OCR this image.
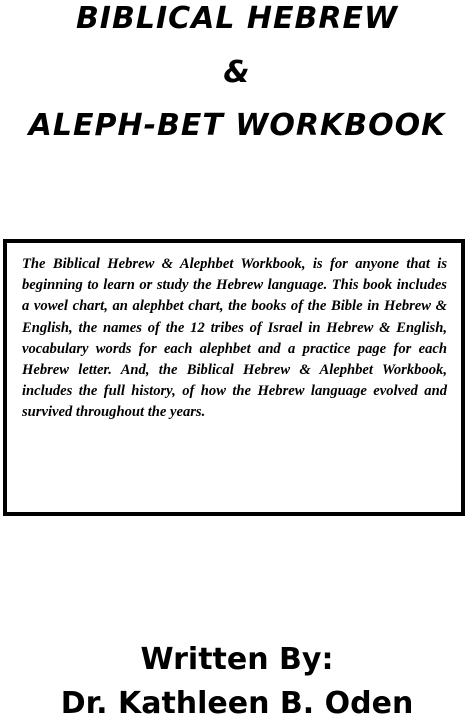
BIBLICAL HEBREW
&
ALEPH-BET WORKBOOK

The Biblical Hebrew & Alephbet Workbook, is for anyone that is beginning to learn or study the Hebrew language. This book includes a vowel chart, an alephbet chart, the books of the Bible in Hebrew & English, the names of the 12 tribes of Israel in Hebrew & English, vocabulary words for each alephbet and a practice page for each Hebrew letter. And, the Biblical Hebrew & Alephbet Workbook, includes the full history, of how the Hebrew language evolved and survived throughout the years.

Written By:
Dr. Kathleen B. Oden
